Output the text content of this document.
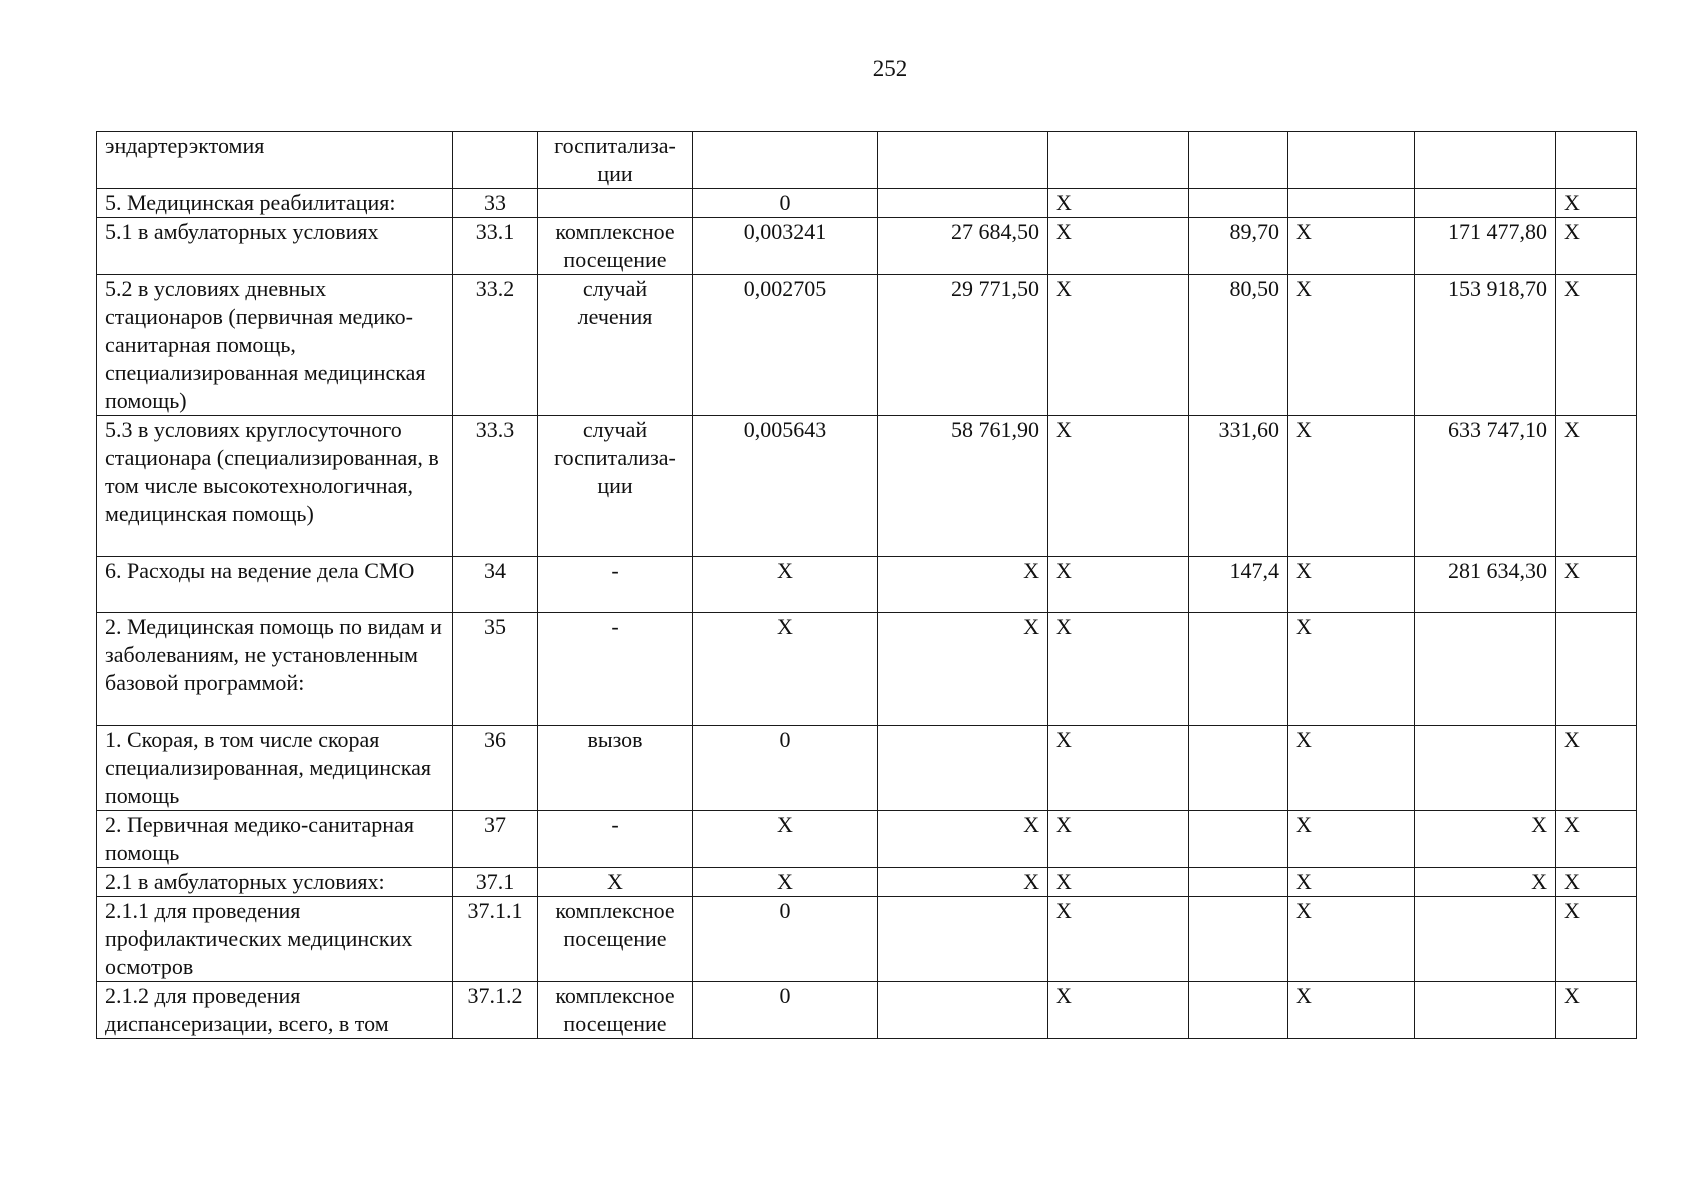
252
эндартерэктомия		госпитализа-ции							
5. Медицинская реабилитация:	33		0		Х				Х
5.1 в амбулаторных условиях	33.1	комплексное посещение	0,003241	27 684,50	Х	89,70	Х	171 477,80	Х
5.2 в условиях дневных стационаров (первичная медико-санитарная помощь, специализированная медицинская помощь)	33.2	случай лечения	0,002705	29 771,50	Х	80,50	Х	153 918,70	Х
5.3 в условиях круглосуточного стационара (специализированная, в том числе высокотехнологичная, медицинская помощь)	33.3	случай госпитализа-ции	0,005643	58 761,90	Х	331,60	Х	633 747,10	Х
6. Расходы на ведение дела СМО	34	-	Х	Х	Х	147,4	Х	281 634,30	Х
2. Медицинская помощь по видам и заболеваниям, не установленным базовой программой:	35	-	Х	Х	Х		Х		
1. Скорая, в том числе скорая специализированная, медицинская помощь	36	вызов	0		Х		Х		Х
2. Первичная медико-санитарная помощь	37	-	Х	Х	Х		Х	Х	Х
2.1 в амбулаторных условиях:	37.1	Х	Х	Х	Х		Х	Х	Х
2.1.1 для проведения профилактических медицинских осмотров	37.1.1	комплексное посещение	0		Х		Х		Х
2.1.2 для проведения диспансеризации, всего, в том	37.1.2	комплексное посещение	0		Х		Х		Х
